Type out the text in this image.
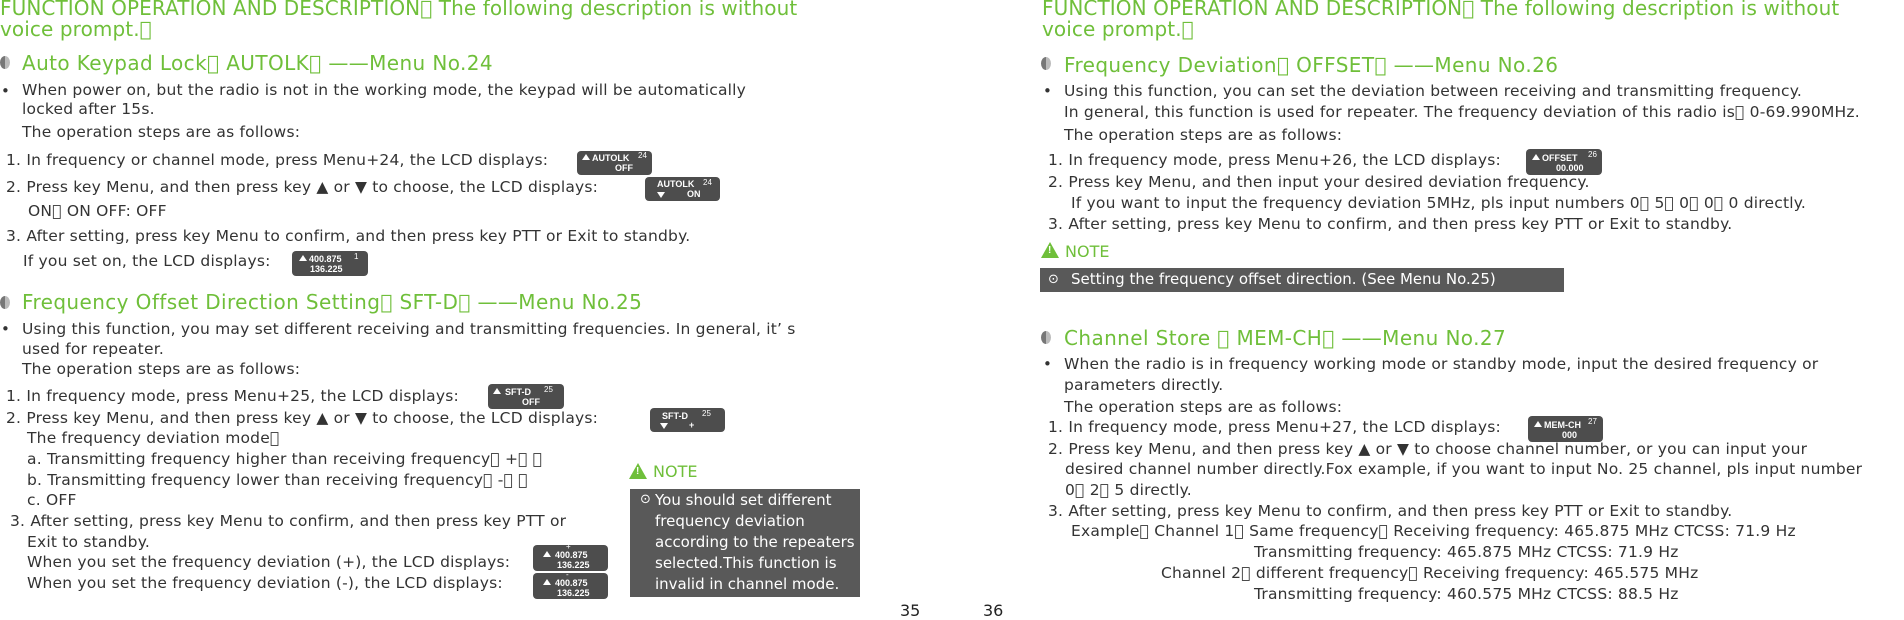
FUNCTION OPERATION AND DESCRIPTION  The following description is without
voice prompt. 
Auto Keypad Lock  AUTOLK  ——Menu No.24
• When power on, but the radio is not in the working mode, the keypad will be automatically
locked after 15s.
The operation steps are as follows:
1. In frequency or channel mode, press Menu+24, the LCD displays:	AUTOLK 24
OFF
2. Press key Menu, and then press key ▲ or ▼ to choose, the LCD displays:	AUTOLK 24
ON
ON  ON OFF: OFF
3. After setting, press key Menu to confirm, and then press key PTT or Exit to standby.
If you set on, the LCD displays:	400.875 1
136.225
Frequency Offset Direction Setting  SFT-D  ——Menu No.25
• Using this function, you may set different receiving and transmitting frequencies. In general, it’ s
used for repeater.
The operation steps are as follows:
1. In frequency mode, press Menu+25, the LCD displays:	SFT-D 25
OFF
2. Press key Menu, and then press key ▲ or ▼ to choose, the LCD displays:	SFT-D 25
+
The frequency deviation mode 
a. Transmitting frequency higher than receiving frequency  +   
b. Transmitting frequency lower than receiving frequency  -   
c. OFF
3. After setting, press key Menu to confirm, and then press key PTT or
Exit to standby.
When you set the frequency deviation (+), the LCD displays:
+
400.875
136.225
When you set the frequency deviation (-), the LCD displays:	-
400.875
136.225
! NOTE
⊙ You should set different
frequency deviation
according to the repeaters
selected.This function is
invalid in channel mode.
35
FUNCTION OPERATION AND DESCRIPTION  The following description is without
voice prompt. 
Frequency Deviation  OFFSET  ——Menu No.26
• Using this function, you can set the deviation between receiving and transmitting frequency.
In general, this function is used for repeater. The frequency deviation of this radio is  0-69.990MHz.
The operation steps are as follows:
1. In frequency mode, press Menu+26, the LCD displays:	OFFSET 26
00.000
2. Press key Menu, and then input your desired deviation frequency.
If you want to input the frequency deviation 5MHz, pls input numbers 0  5  0  0  0 directly.
3. After setting, press key Menu to confirm, and then press key PTT or Exit to standby.
! NOTE
⊙ Setting the frequency offset direction. (See Menu No.25)
Channel Store   MEM-CH  ——Menu No.27
• When the radio is in frequency working mode or standby mode, input the desired frequency or
parameters directly.
The operation steps are as follows:
1. In frequency mode, press Menu+27, the LCD displays:	MEM-CH 27
000
2. Press key Menu, and then press key ▲ or ▼ to choose channel number, or you can input your
desired channel number directly.Fox example, if you want to input No. 25 channel, pls input number
0  2  5 directly.
3. After setting, press key Menu to confirm, and then press key PTT or Exit to standby.
Example  Channel 1  Same frequency  Receiving frequency: 465.875 MHz CTCSS: 71.9 Hz
Transmitting frequency: 465.875 MHz CTCSS: 71.9 Hz
Channel 2  different frequency  Receiving frequency: 465.575 MHz
Transmitting frequency: 460.575 MHz CTCSS: 88.5 Hz
36
